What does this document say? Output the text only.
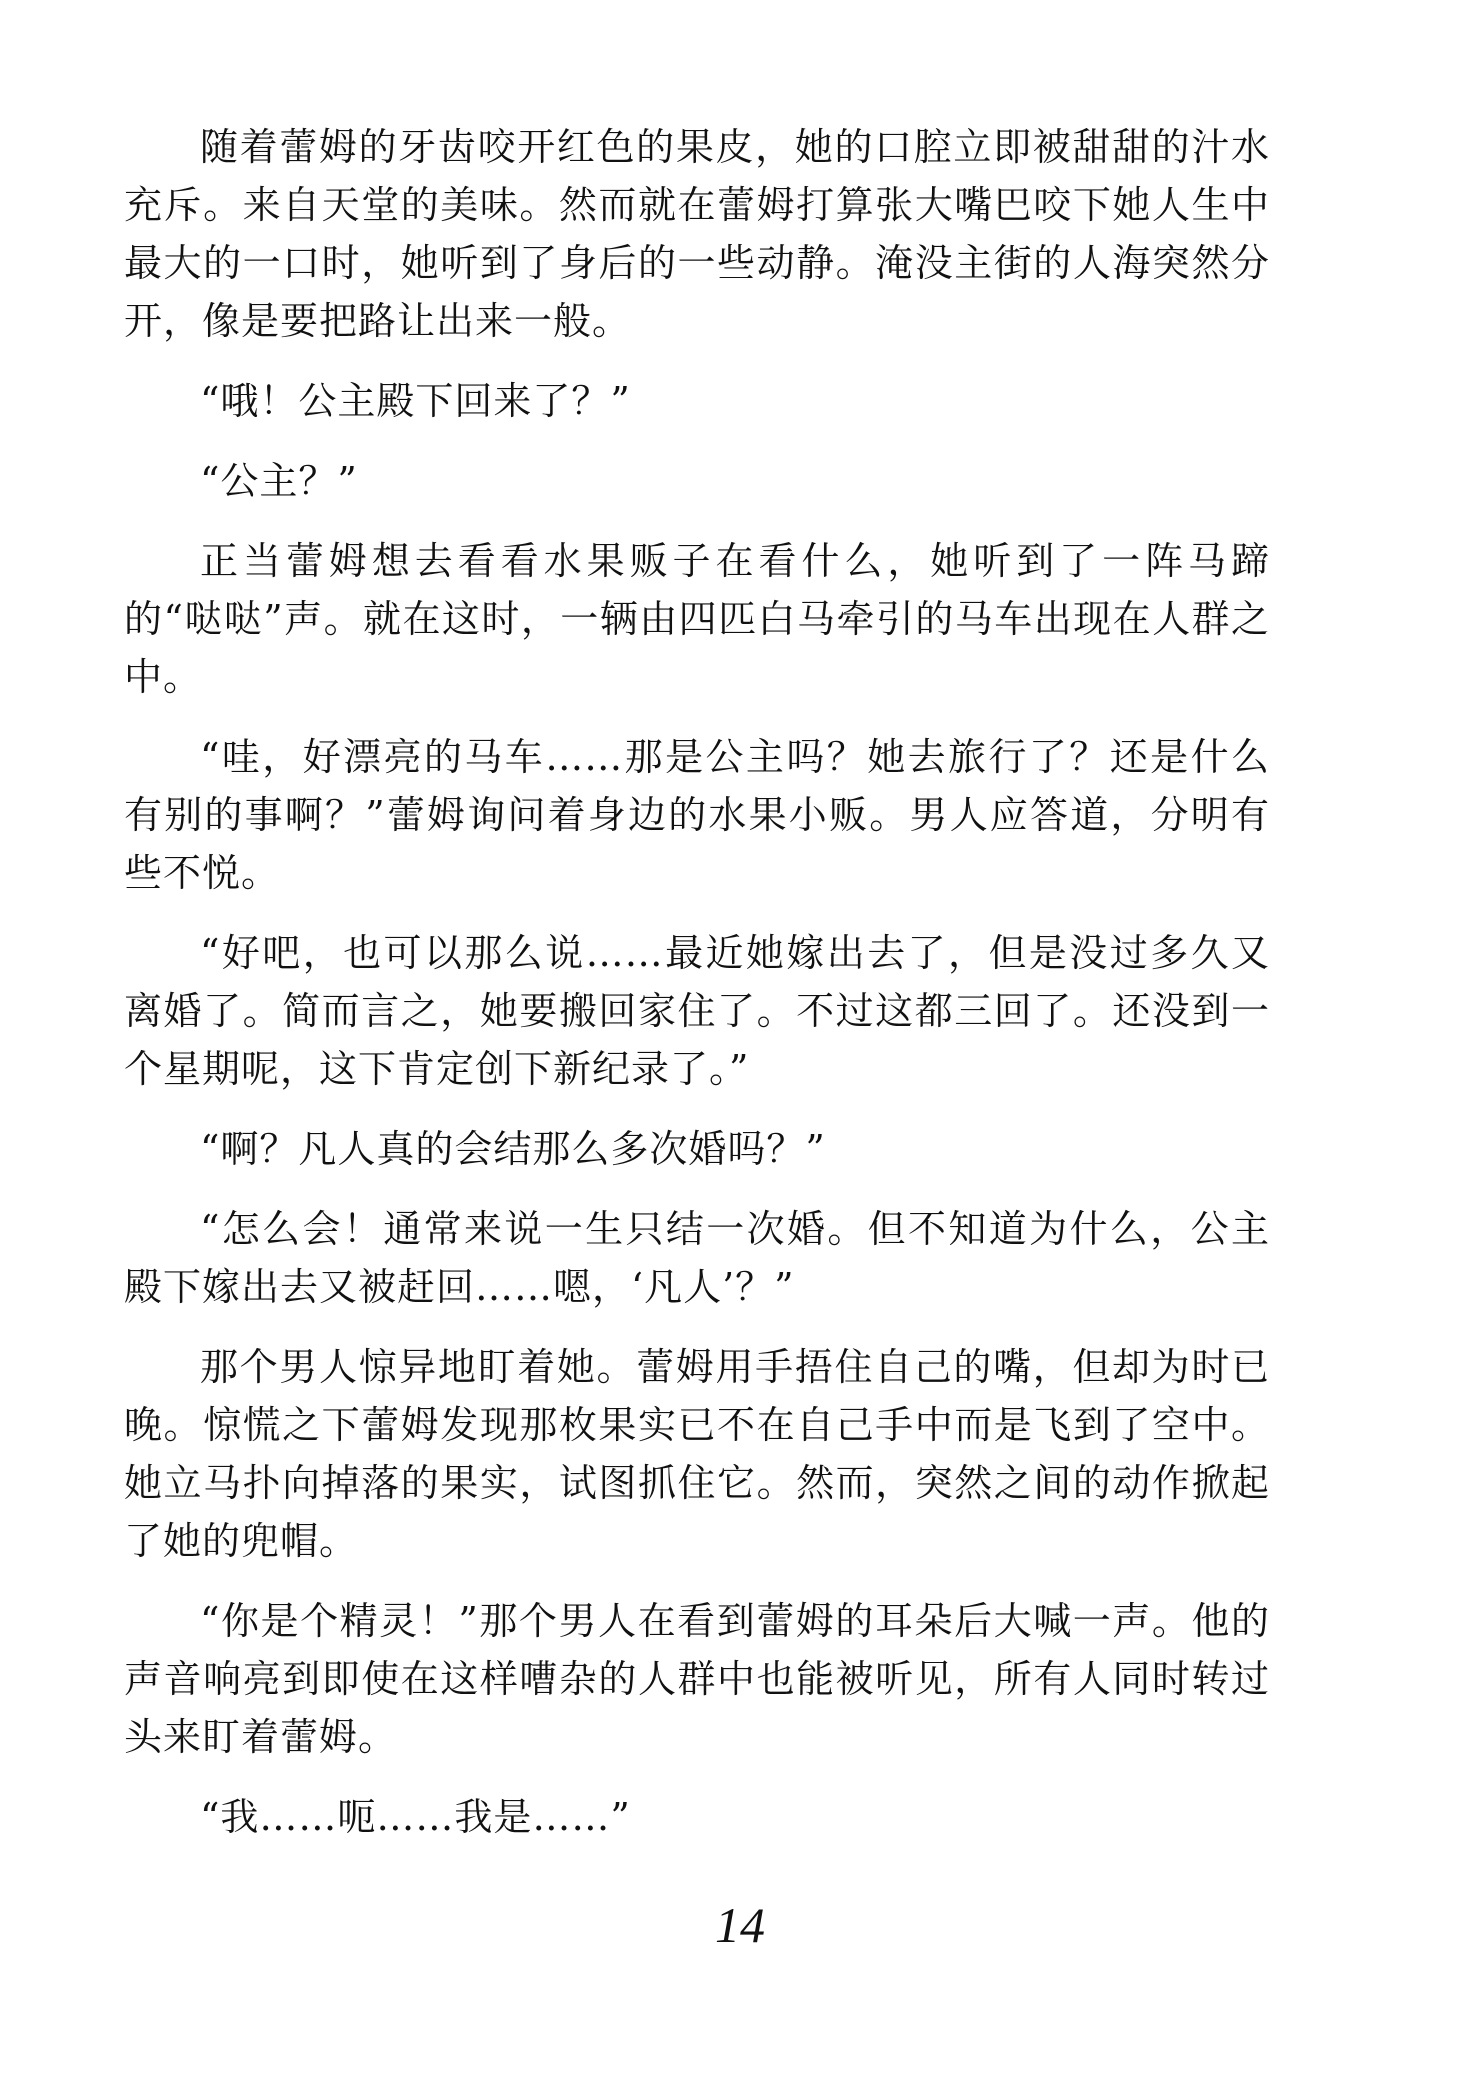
随着蕾姆的牙齿咬开红色的果皮，她的口腔立即被甜甜的汁水充斥。来自天堂的美味。然而就在蕾姆打算张大嘴巴咬下她人生中最大的一口时，她听到了身后的一些动静。淹没主街的人海突然分开，像是要把路让出来一般。

“哦！公主殿下回来了？”

“公主？”

正当蕾姆想去看看水果贩子在看什么，她听到了一阵马蹄的“哒哒”声。就在这时，一辆由四匹白马牵引的马车出现在人群之中。

“哇，好漂亮的马车……那是公主吗？她去旅行了？还是什么有别的事啊？”蕾姆询问着身边的水果小贩。男人应答道，分明有些不悦。

“好吧，也可以那么说……最近她嫁出去了，但是没过多久又离婚了。简而言之，她要搬回家住了。不过这都三回了。还没到一个星期呢，这下肯定创下新纪录了。”

“啊？凡人真的会结那么多次婚吗？”

“怎么会！通常来说一生只结一次婚。但不知道为什么，公主殿下嫁出去又被赶回……嗯，‘凡人’？”

那个男人惊异地盯着她。蕾姆用手捂住自己的嘴，但却为时已晚。惊慌之下蕾姆发现那枚果实已不在自己手中而是飞到了空中。她立马扑向掉落的果实，试图抓住它。然而，突然之间的动作掀起了她的兜帽。

“你是个精灵！”那个男人在看到蕾姆的耳朵后大喊一声。他的声音响亮到即使在这样嘈杂的人群中也能被听见，所有人同时转过头来盯着蕾姆。

“我……呃……我是……”

14
